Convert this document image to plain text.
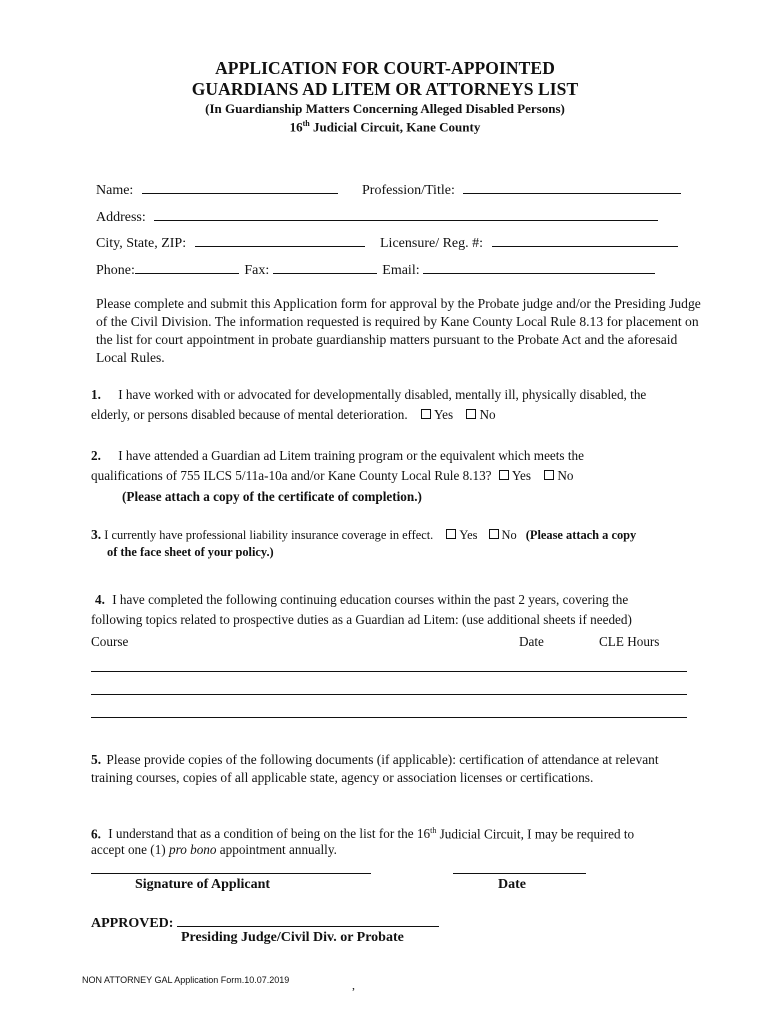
APPLICATION FOR COURT-APPOINTED
GUARDIANS AD LITEM OR ATTORNEYS LIST
(In Guardianship Matters Concerning Alleged Disabled Persons)
16th Judicial Circuit, Kane County
Name:	Profession/Title:
Address:
City, State, ZIP:	Licensure/ Reg. #:
Phone:	Fax:	Email:
Please complete and submit this Application form for approval by the Probate judge and/or the Presiding Judge of the Civil Division. The information requested is required by Kane County Local Rule 8.13 for placement on the list for court appointment in probate guardianship matters pursuant to the Probate Act and the aforesaid Local Rules.
1. I have worked with or advocated for developmentally disabled, mentally ill, physically disabled, the
elderly, or persons disabled because of mental deterioration. Yes No
2. I have attended a Guardian ad Litem training program or the equivalent which meets the
qualifications of 755 ILCS 5/11a-10a and/or Kane County Local Rule 8.13? Yes No
(Please attach a copy of the certificate of completion.)
3. I currently have professional liability insurance coverage in effect. Yes No (Please attach a copy
of the face sheet of your policy.)
4. I have completed the following continuing education courses within the past 2 years, covering the
following topics related to prospective duties as a Guardian ad Litem: (use additional sheets if needed)
Course	Date	CLE Hours
5. Please provide copies of the following documents (if applicable): certification of attendance at relevant training courses, copies of all applicable state, agency or association licenses or certifications.
6. I understand that as a condition of being on the list for the 16th Judicial Circuit, I may be required to
accept one (1) pro bono appointment annually.
Signature of Applicant	Date
APPROVED:
Presiding Judge/Civil Div. or Probate
NON ATTORNEY GAL Application Form.10.07.2019	,
